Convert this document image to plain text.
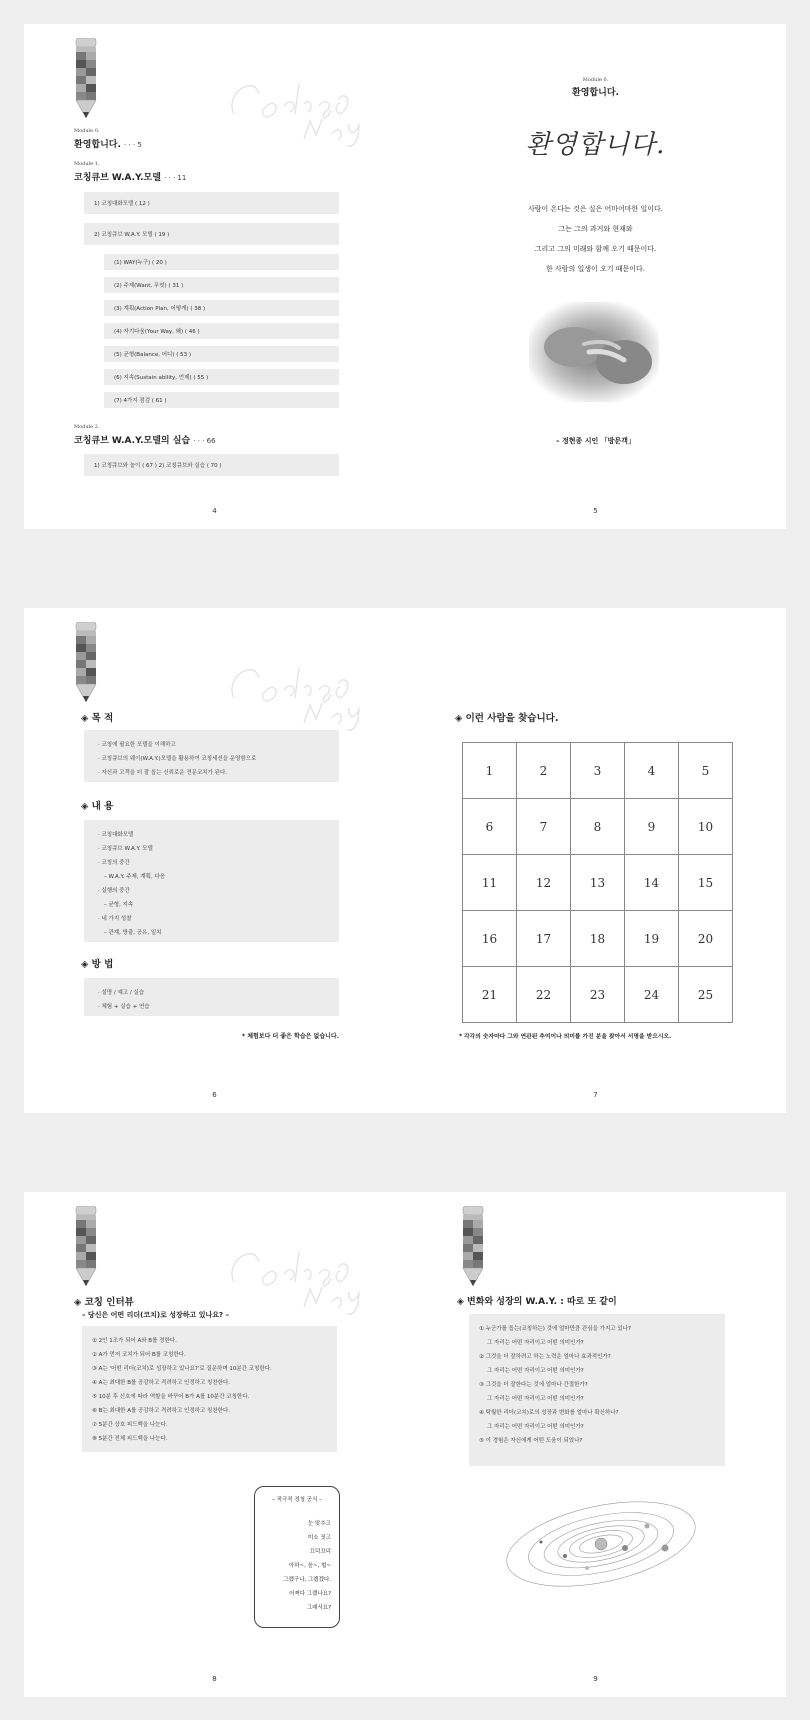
Module 0.
환영합니다. · · · 5
Module 1.
코칭큐브 W.A.Y.모델 · · · 11
1) 코칭대화모델 ( 12 )
2) 코칭큐브 W.A.Y. 모델 ( 19 )
(1) WAY(누구) ( 20 )
(2) 주제(Want, 무엇) ( 31 )
(3) 계획(Action Plan, 어떻게) ( 38 )
(4) 자기다움(Your Way, 왜) ( 46 )
(5) 균형(Balance, 어디) ( 53 )
(6) 지속(Sustain ability, 언제) ( 55 )
(7) 4가지 점검 ( 61 )
Module 2.
코칭큐브 W.A.Y.모델의 실습 · · · 66
1) 코칭큐브와 놀이 ( 67 ) 2) 코칭큐브와 실습 ( 70 )
4
Module 0.
환영합니다.
환영합니다.
사람이 온다는 것은 실은 어마어마한 일이다.
그는 그의 과거와 현재와
그리고 그의 미래와 함께 오기 때문이다.
한 사람의 일생이 오기 때문이다.
– 정현종 시인 「방문객」
5
◈ 목 적
· 코칭에 필요한 모델을 이해하고
· 코칭큐브의 웨이(W.A.Y.)모델을 활용하여 코칭세션을 운영함으로
· 자신과 고객을 더 잘 돕는 신뢰로운 전문코치가 된다.
◈ 내 용
· 코칭대화모델
· 코칭큐브 W.A.Y. 모델
· 코칭의 중간
– W.A.Y. 주제, 계획, 다음
· 실행의 중간
– 균형, 지속
· 네 가지 성찰
– 관계, 방출, 공유, 일치
◈ 방 법
· 설명 / 예고 / 실습
· 체험 + 실습 + 연습
* 체험보다 더 좋은 학습은 없습니다.
6
◈ 이런 사람을 찾습니다.
1	2	3	4	5
6	7	8	9	10
11	12	13	14	15
16	17	18	19	20
21	22	23	24	25
* 각각의 숫자마다 그와 연관된 추억이나 의미를 가진 분을 찾아서 서명을 받으시오.
7
◈ 코칭 인터뷰
– 당신은 어떤 리더(코치)로 성장하고 있나요? –
① 2인 1조가 되어 A와 B를 정한다.
② A가 먼저 코치가 되어 B를 코칭한다.
③ A는 '어떤 리더(코치)로 성장하고 있나요?'로 질문하며 10분간 코칭한다.
④ A는 최대한 B를 공감하고 격려하고 인정하고 칭찬한다.
⑤ 10분 후 신호에 따라 역할을 바꾸어 B가 A를 10분간 코칭한다.
⑥ B는 최대한 A를 공감하고 격려하고 인정하고 칭찬한다.
⑦ 5분간 상호 피드백을 나눈다.
⑧ 5분간 전체 피드백을 나눈다.
– 적극적 경청 공식 –
눈 맞추고
미소 짓고
끄덕끄덕
아하~, 음~, 헐~
그랬구나, 그랬겠다.
어쩌다 그랬나요?
그래서요?
8
◈ 변화와 성장의 W.A.Y. : 따로 또 같이
① 누군가를 돕는(코칭하는) 것에 얼마만큼 관심을 가지고 있나?
그 자리는 어떤 자리이고 어떤 의미인가?
② 그것을 더 잘하려고 하는 노력은 얼마나 효과적인가?
그 자리는 어떤 자리이고 어떤 의미인가?
③ 그것을 더 잘한다는 것에 얼마나 간절한가?
그 자리는 어떤 자리이고 어떤 의미인가?
④ 탁월한 리더(코치)로의 성장과 변화를 얼마나 확신하나?
그 자리는 어떤 자리이고 어떤 의미인가?
⑤ 이 경험은 자신에게 어떤 도움이 되었나?
9
